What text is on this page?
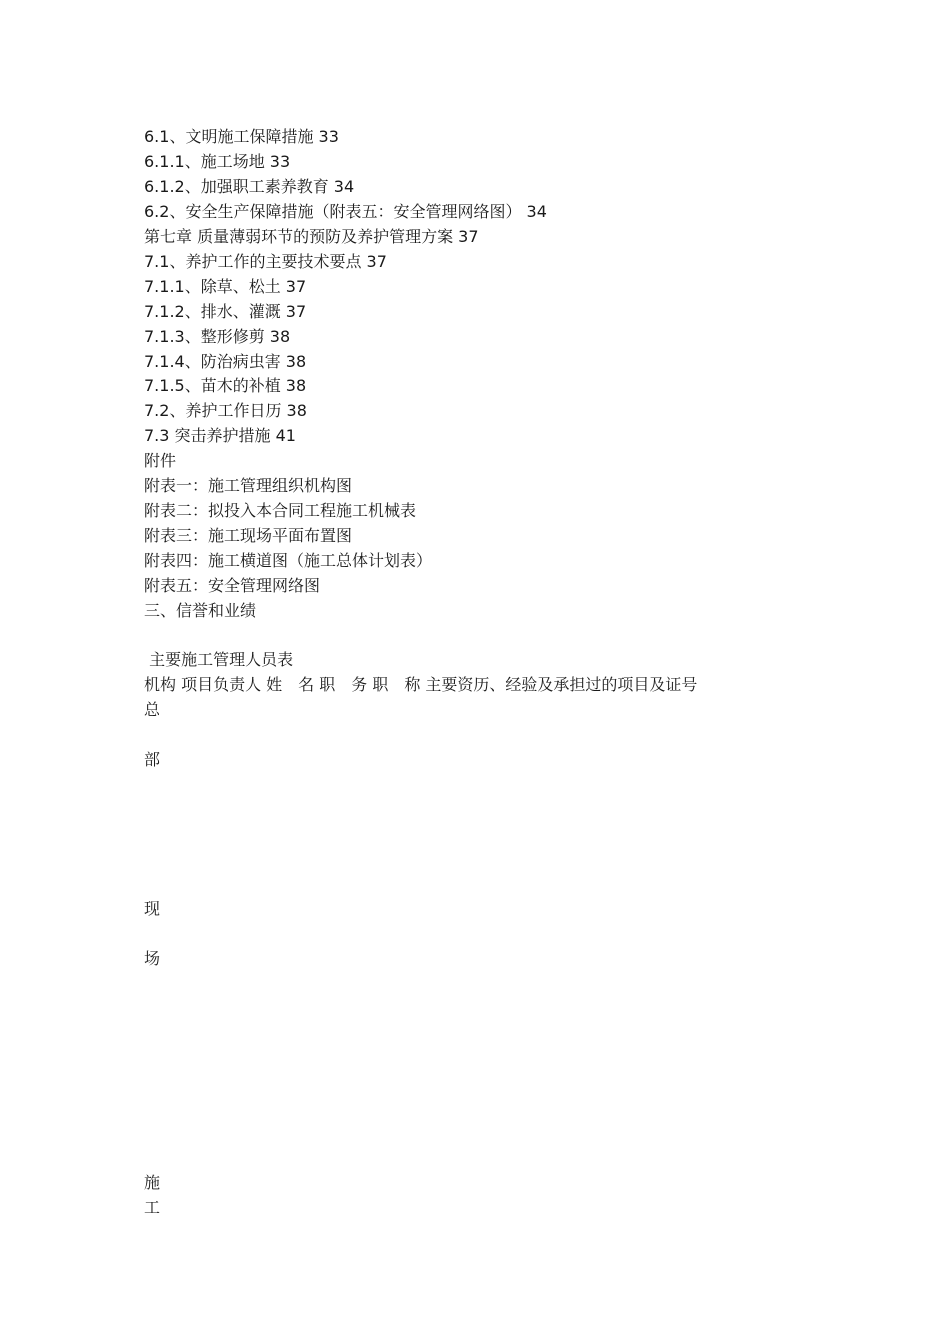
6.1、文明施工保障措施 33
6.1.1、施工场地 33
6.1.2、加强职工素养教育 34
6.2、安全生产保障措施（附表五：安全管理网络图） 34
第七章 质量薄弱环节的预防及养护管理方案 37
7.1、养护工作的主要技术要点 37
7.1.1、除草、松土 37
7.1.2、排水、灌溉 37
7.1.3、整形修剪 38
7.1.4、防治病虫害 38
7.1.5、苗木的补植 38
7.2、养护工作日历 38
7.3 突击养护措施 41
附件
附表一：施工管理组织机构图
附表二：拟投入本合同工程施工机械表
附表三：施工现场平面布置图
附表四：施工横道图（施工总体计划表）
附表五：安全管理网络图
三、信誉和业绩
主要施工管理人员表
机构 项目负责人 姓　名 职　务 职　称 主要资历、经验及承担过的项目及证号
总
部
现
场
施
工
